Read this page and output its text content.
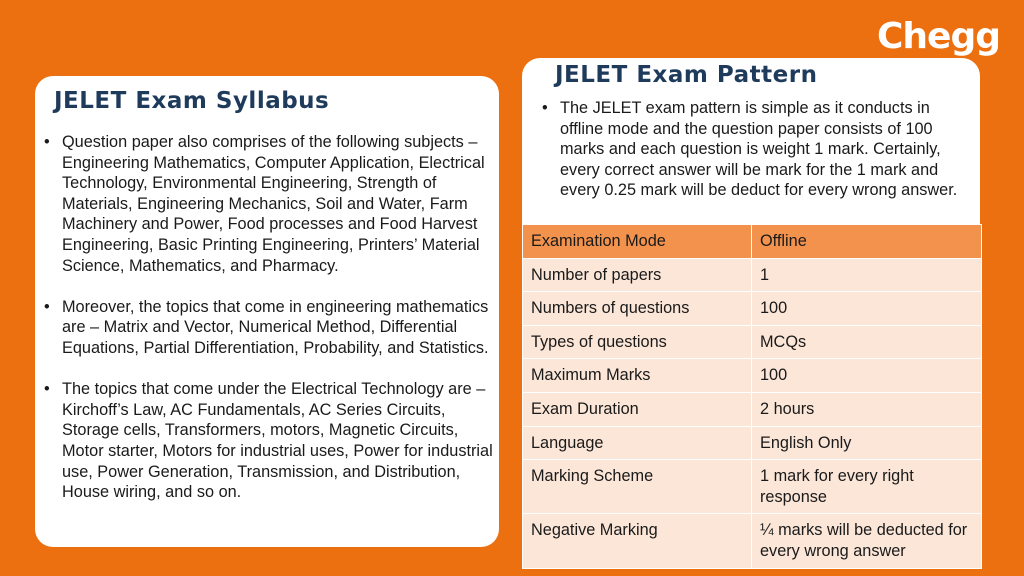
Chegg
JELET Exam Syllabus
• Question paper also comprises of the following subjects – Engineering Mathematics, Computer Application, Electrical Technology, Environmental Engineering, Strength of Materials, Engineering Mechanics, Soil and Water, Farm Machinery and Power, Food processes and Food Harvest Engineering, Basic Printing Engineering, Printers’ Material Science, Mathematics, and Pharmacy.
• Moreover, the topics that come in engineering mathematics are – Matrix and Vector, Numerical Method, Differential Equations, Partial Differentiation, Probability, and Statistics.
• The topics that come under the Electrical Technology are – Kirchoff’s Law, AC Fundamentals, AC Series Circuits, Storage cells, Transformers, motors, Magnetic Circuits, Motor starter, Motors for industrial uses, Power for industrial use, Power Generation, Transmission, and Distribution, House wiring, and so on.
JELET Exam Pattern
• The JELET exam pattern is simple as it conducts in offline mode and the question paper consists of 100 marks and each question is weight 1 mark. Certainly, every correct answer will be mark for the 1 mark and every 0.25 mark will be deduct for every wrong answer.
Examination Mode	Offline
Number of papers	1
Numbers of questions	100
Types of questions	MCQs
Maximum Marks	100
Exam Duration	2 hours
Language	English Only
Marking Scheme	1 mark for every right response
Negative Marking	¼ marks will be deducted for every wrong answer
